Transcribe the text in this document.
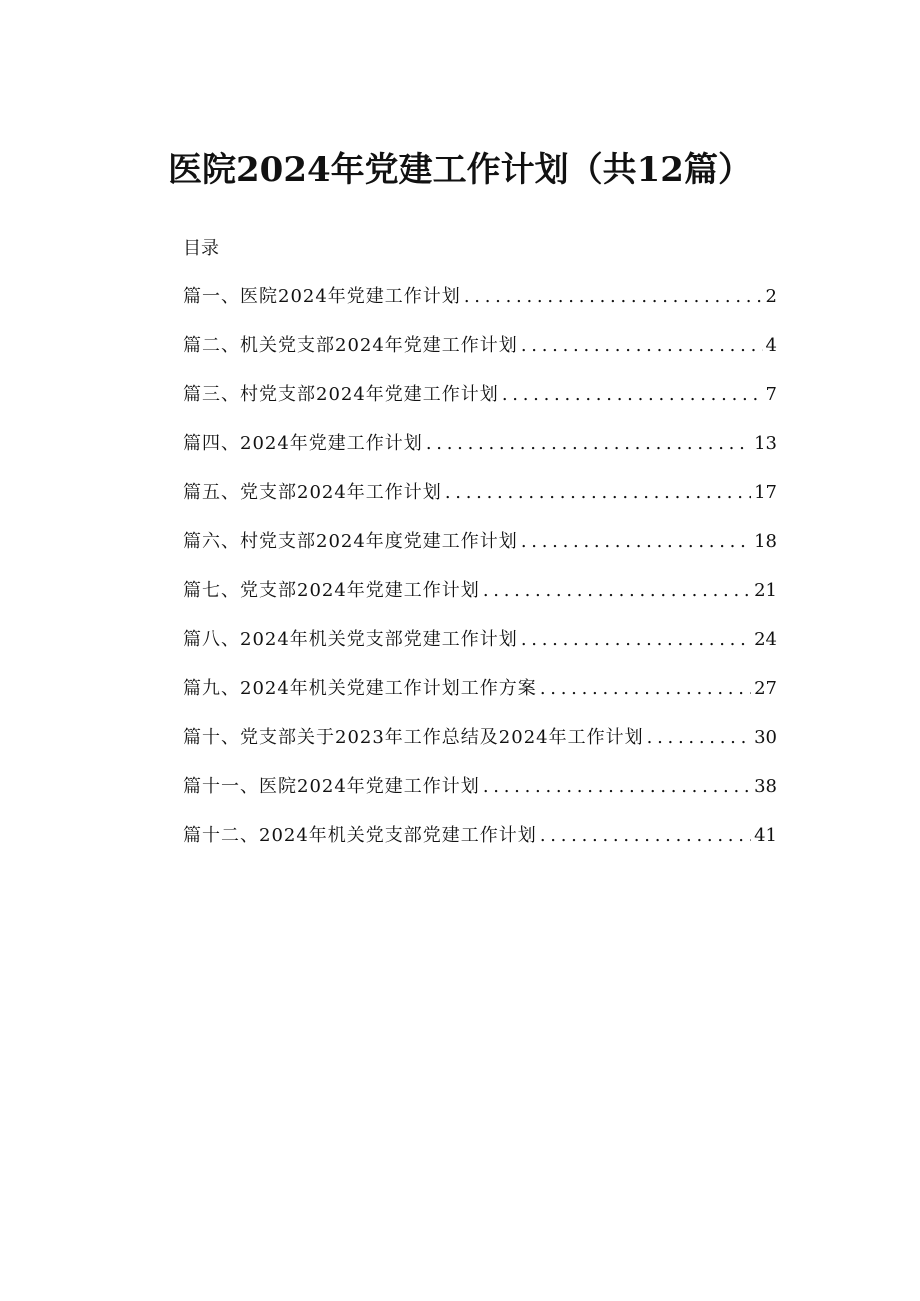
医院2024年党建工作计划（共12篇）
目录
篇一、医院2024年党建工作计划 . . .	2
篇二、机关党支部2024年党建工作计划 . . .	4
篇三、村党支部2024年党建工作计划 . . .	7
篇四、2024年党建工作计划 . . .	13
篇五、党支部2024年工作计划 . . .	17
篇六、村党支部2024年度党建工作计划 . . .	18
篇七、党支部2024年党建工作计划 . . .	21
篇八、2024年机关党支部党建工作计划 . . .	24
篇九、2024年机关党建工作计划工作方案 . . .	27
篇十、党支部关于2023年工作总结及2024年工作计划 . . .	30
篇十一、医院2024年党建工作计划 . . .	38
篇十二、2024年机关党支部党建工作计划 . . .	41
